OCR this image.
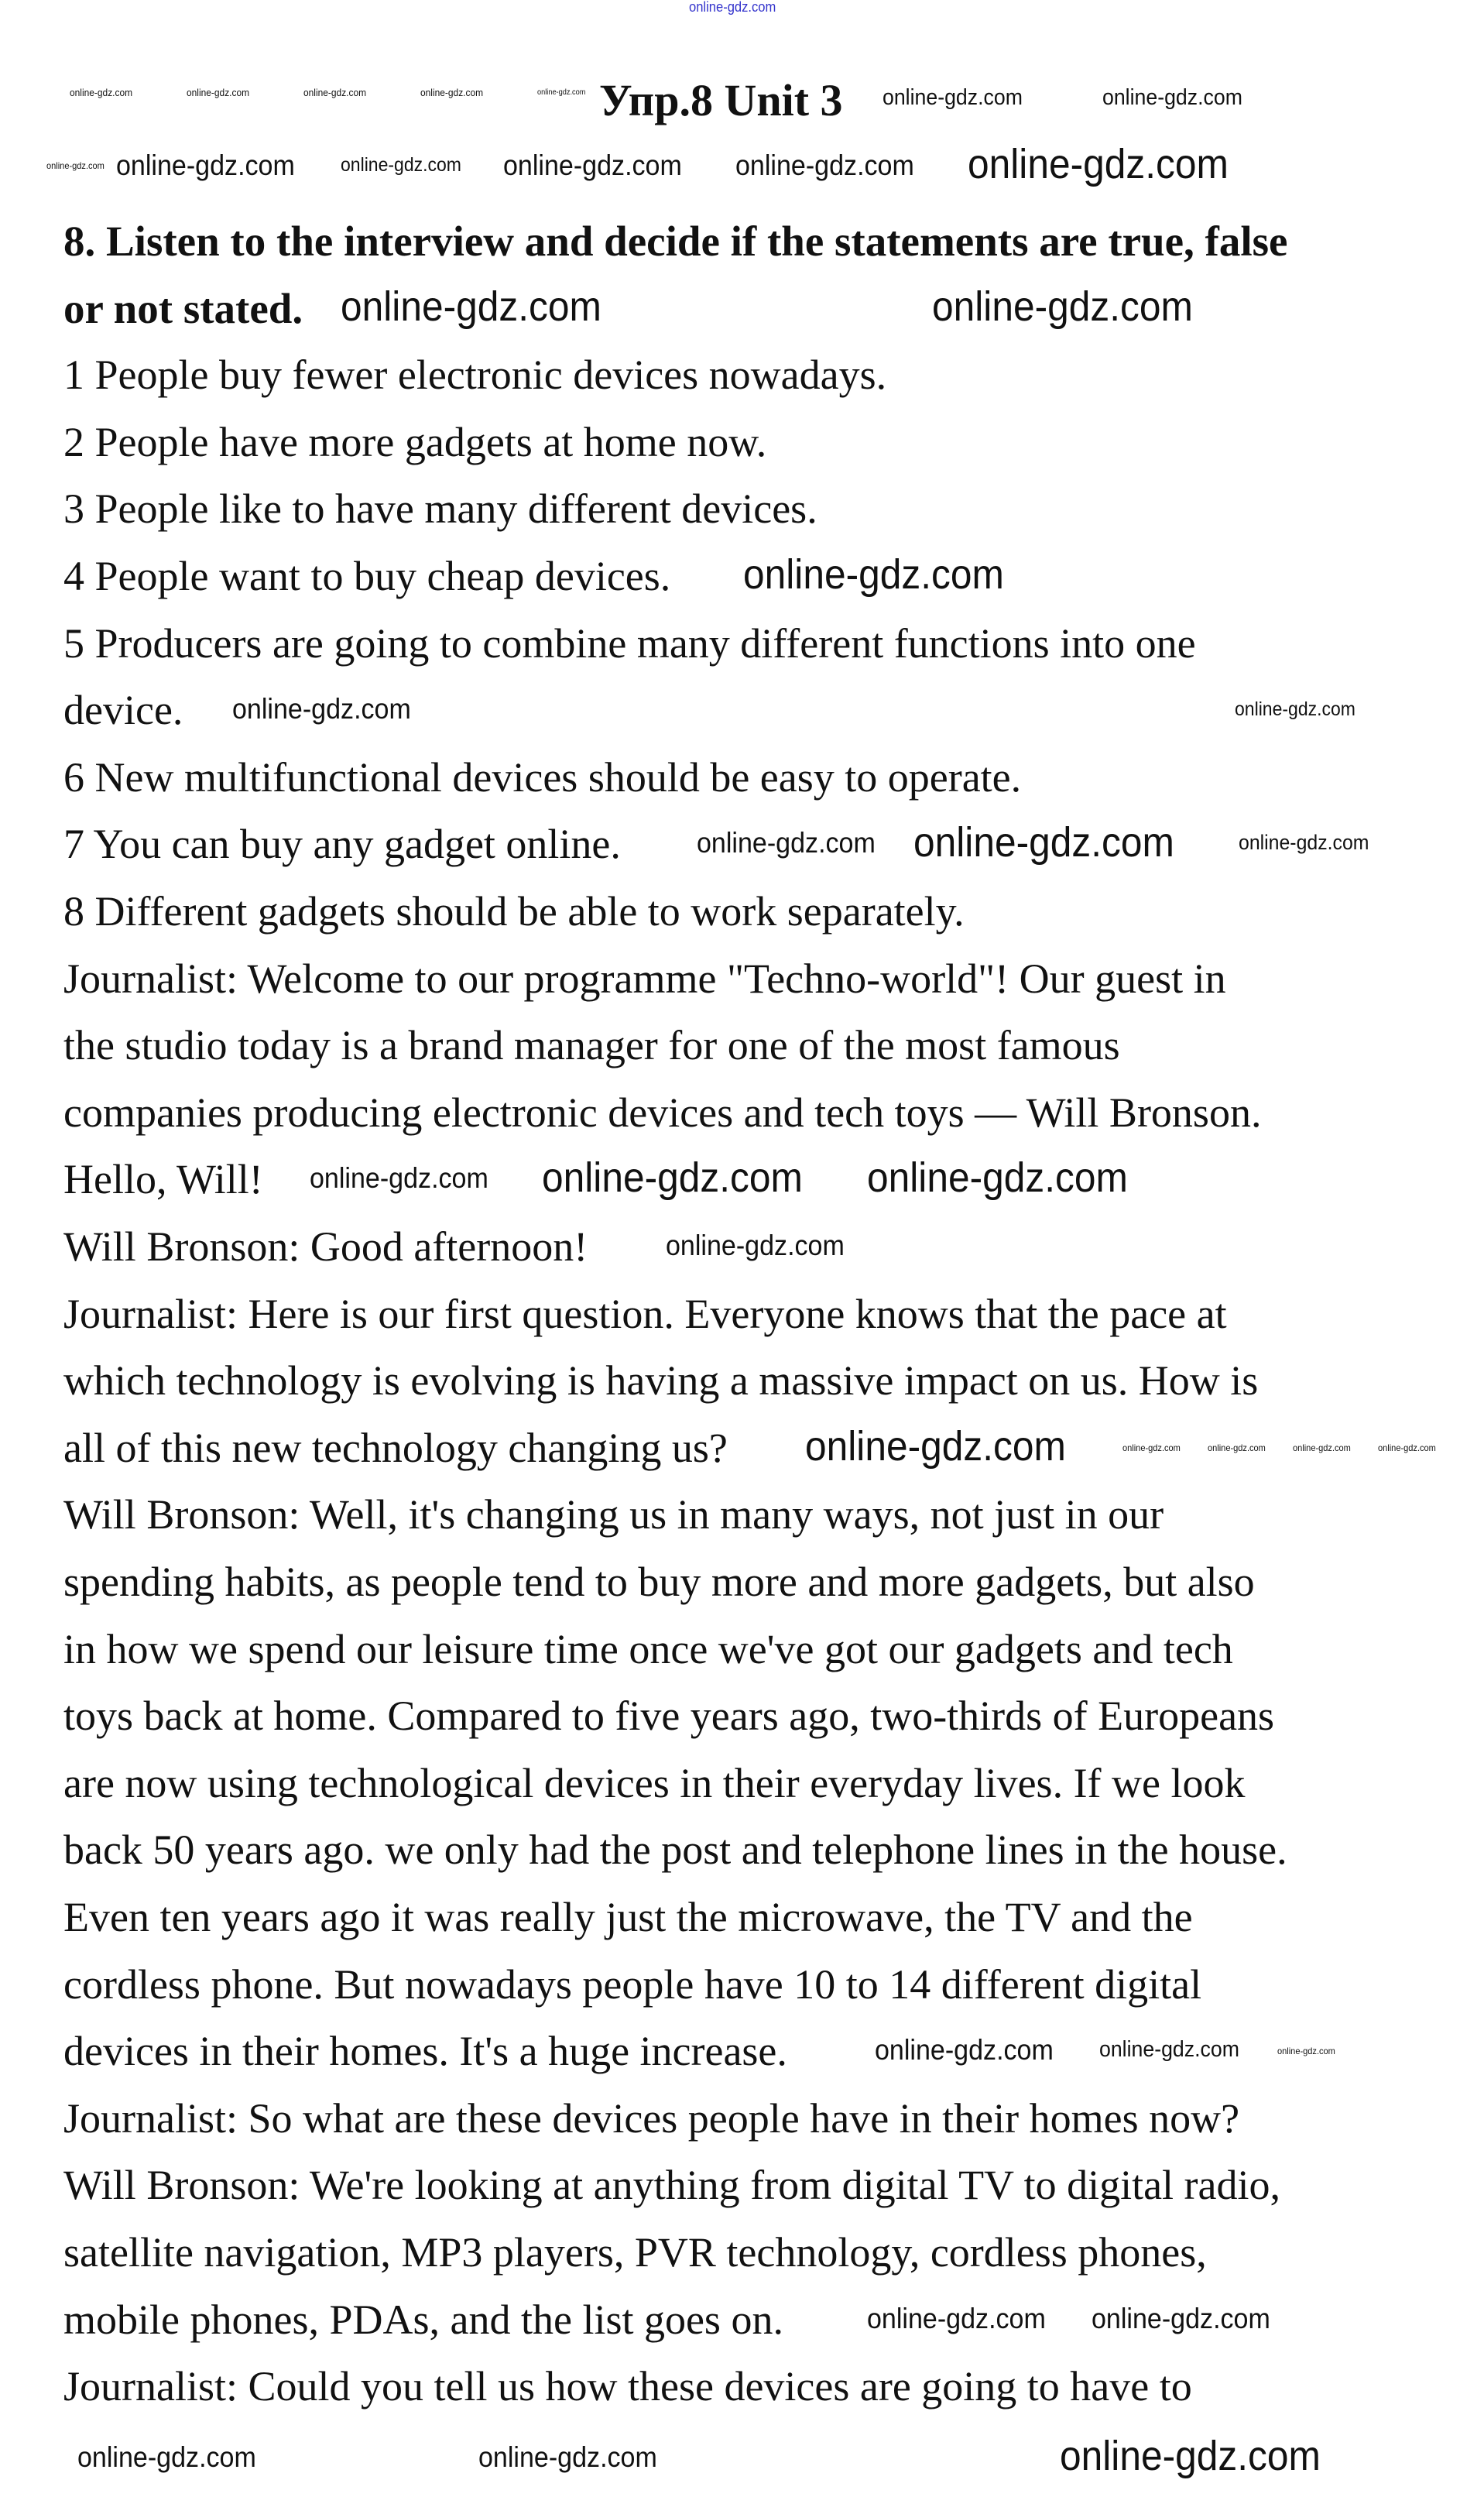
Упр.8 Unit 3
8. Listen to the interview and decide if the statements are true, false
or not stated.
1 People buy fewer electronic devices nowadays.
2 People have more gadgets at home now.
3 People like to have many different devices.
4 People want to buy cheap devices.
5 Producers are going to combine many different functions into one
device.
6 New multifunctional devices should be easy to operate.
7 You can buy any gadget online.
8 Different gadgets should be able to work separately.
Journalist: Welcome to our programme "Techno-world"! Our guest in
the studio today is a brand manager for one of the most famous
companies producing electronic devices and tech toys — Will Bronson.
Hello, Will!
Will Bronson: Good afternoon!
Journalist: Here is our first question. Everyone knows that the pace at
which technology is evolving is having a massive impact on us. How is
all of this new technology changing us?
Will Bronson: Well, it's changing us in many ways, not just in our
spending habits, as people tend to buy more and more gadgets, but also
in how we spend our leisure time once we've got our gadgets and tech
toys back at home. Compared to five years ago, two-thirds of Europeans
are now using technological devices in their everyday lives. If we look
back 50 years ago. we only had the post and telephone lines in the house.
Even ten years ago it was really just the microwave, the TV and the
cordless phone. But nowadays people have 10 to 14 different digital
devices in their homes. It's a huge increase.
Journalist: So what are these devices people have in their homes now?
Will Bronson: We're looking at anything from digital TV to digital radio,
satellite navigation, MP3 players, PVR technology, cordless phones,
mobile phones, PDAs, and the list goes on.
Journalist: Could you tell us how these devices are going to have to
online-gdz.com
online-gdz.com	online-gdz.com	online-gdz.com	online-gdz.com	online-gdz.com	online-gdz.com	online-gdz.com
online-gdz.com online-gdz.com online-gdz.com online-gdz.com online-gdz.com online-gdz.com
online-gdz.com	online-gdz.com
online-gdz.com
online-gdz.com	online-gdz.com
online-gdz.com online-gdz.com	online-gdz.com
online-gdz.com online-gdz.com online-gdz.com
online-gdz.com
online-gdz.com	online-gdz.com	online-gdz.com	online-gdz.com	online-gdz.com
online-gdz.com online-gdz.com	online-gdz.com
online-gdz.com online-gdz.com
online-gdz.com	online-gdz.com	online-gdz.com
